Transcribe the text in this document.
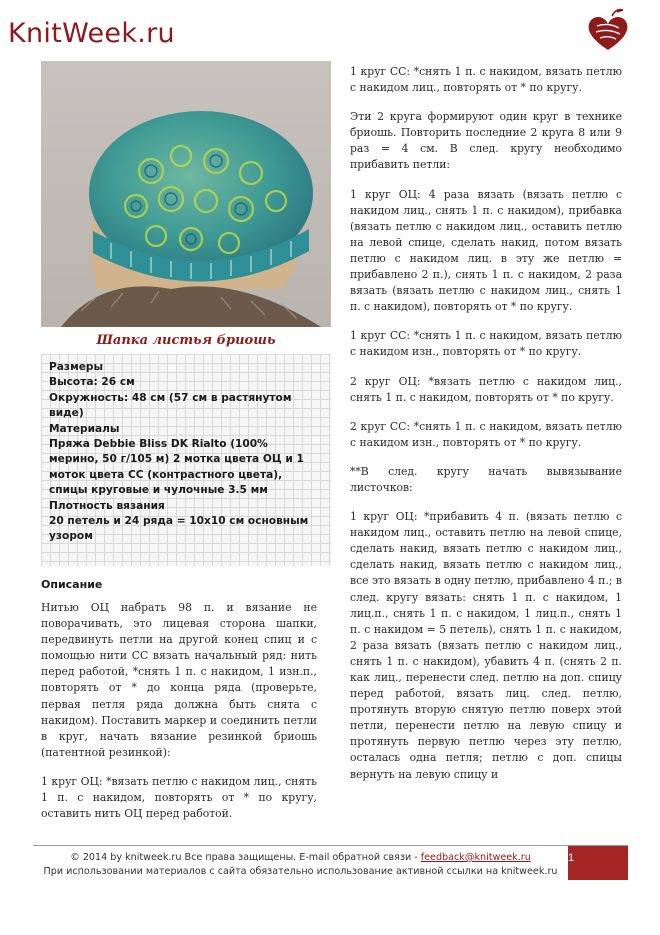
KnitWeek.ru
Шапка листья бриошь
Размеры
Высота: 26 см
Окружность: 48 см (57 см в растянутом виде)
Материалы
Пряжа Debbie Bliss DK Rialto (100% мерино, 50 г/105 м) 2 мотка цвета ОЦ и 1 моток цвета СС (контрастного цвета), спицы круговые и чулочные 3.5 мм
Плотность вязания
20 петель и 24 ряда = 10x10 см основным узором
Описание

Нитью ОЦ набрать 98 п. и вязание не поворачивать, это лицевая сторона шапки, передвинуть петли на другой конец спиц и с помощью нити СС вязать начальный ряд: нить перед работой, *снять 1 п. с накидом, 1 изн.п., повторять от * до конца ряда (проверьте, первая петля ряда должна быть снята с накидом). Поставить маркер и соединить петли в круг, начать вязание резинкой бриошь (патентной резинкой):

1 круг ОЦ: *вязать петлю с накидом лиц., снять 1 п. с накидом, повторять от * по кругу, оставить нить ОЦ перед работой.

1 круг СС: *снять 1 п. с накидом, вязать петлю с накидом лиц., повторять от * по кругу.

Эти 2 круга формируют один круг в технике бриошь. Повторить последние 2 круга 8 или 9 раз = 4 см. В след. кругу необходимо прибавить петли:

1 круг ОЦ: 4 раза вязать (вязать петлю с накидом лиц., снять 1 п. с накидом), прибавка (вязать петлю с накидом лиц., оставить петлю на левой спице, сделать накид, потом вязать петлю с накидом лиц. в эту же петлю = прибавлено 2 п.), снять 1 п. с накидом, 2 раза вязать (вязать петлю с накидом лиц., снять 1 п. с накидом), повторять от * по кругу.

1 круг СС: *снять 1 п. с накидом, вязать петлю с накидом изн., повторять от * по кругу.

2 круг ОЦ: *вязать петлю с накидом лиц., снять 1 п. с накидом, повторять от * по кругу.

2 круг СС: *снять 1 п. с накидом, вязать петлю с накидом изн., повторять от * по кругу.

**В след. кругу начать вывязывание листочков:

1 круг ОЦ: *прибавить 4 п. (вязать петлю с накидом лиц., оставить петлю на левой спице, сделать накид, вязать петлю с накидом лиц., сделать накид, вязать петлю с накидом лиц., все это вязать в одну петлю, прибавлено 4 п.; в след. кругу вязать: снять 1 п. с накидом, 1 лиц.п., снять 1 п. с накидом, 1 лиц.п., снять 1 п. с накидом = 5 петель), снять 1 п. с накидом, 2 раза вязать (вязать петлю с накидом лиц., снять 1 п. с накидом), убавить 4 п. (снять 2 п. как лиц., перенести след. петлю на доп. спицу перед работой, вязать лиц. след. петлю, протянуть вторую снятую петлю поверх этой петли, перенести петлю на левую спицу и протянуть первую петлю через эту петлю, осталась одна петля; петлю с доп. спицы вернуть на левую спицу и

1
© 2014 by knitweek.ru Все права защищены. E-mail обратной связи - feedback@knitweek.ru
При использовании материалов с сайта обязательно использование активной ссылки на knitweek.ru
